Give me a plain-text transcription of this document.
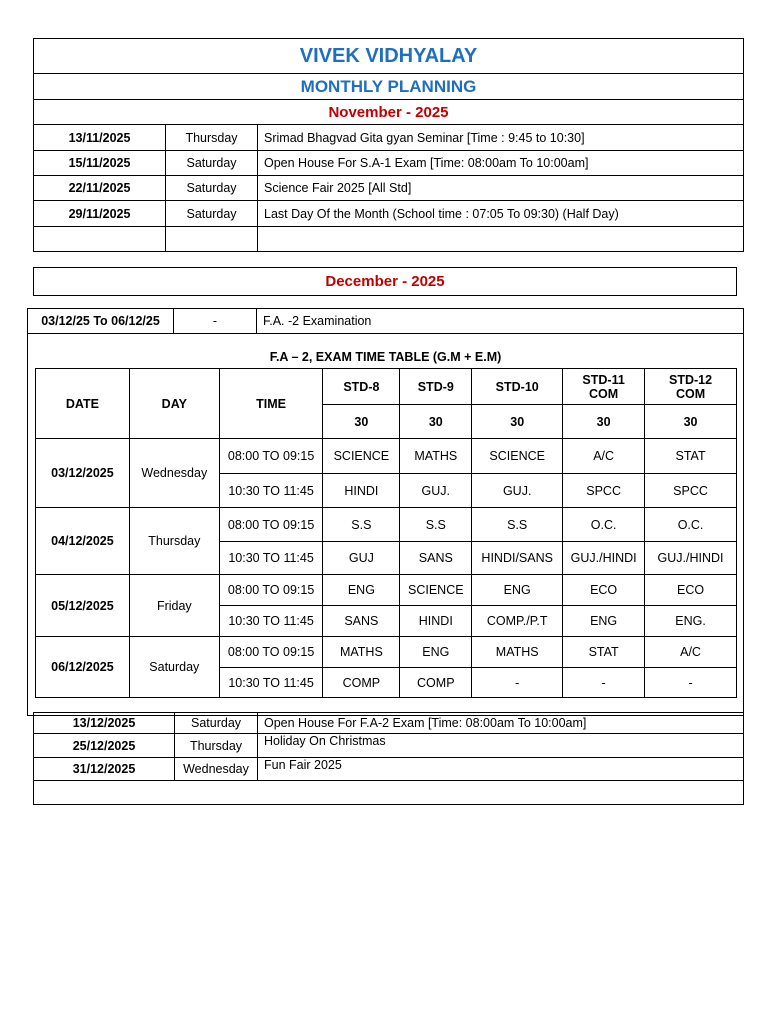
VIVEK VIDHYALAY
MONTHLY PLANNING
November - 2025
13/11/2025	Thursday	Srimad Bhagvad Gita gyan Seminar [Time : 9:45 to 10:30]
15/11/2025	Saturday	Open House For S.A-1 Exam [Time: 08:00am To 10:00am]
22/11/2025	Saturday	Science Fair 2025 [All Std]
29/11/2025	Saturday	Last Day Of the Month (School time : 07:05 To 09:30) (Half Day)

December - 2025
03/12/25 To 06/12/25	-	F.A. -2 Examination
F.A – 2, EXAM TIME TABLE (G.M + E.M)
DATE	DAY	TIME	STD-8	STD-9	STD-10	STD-11 COM	STD-12 COM
			30	30	30	30	30
03/12/2025	Wednesday	08:00 TO 09:15	SCIENCE	MATHS	SCIENCE	A/C	STAT
		10:30 TO 11:45	HINDI	GUJ.	GUJ.	SPCC	SPCC
04/12/2025	Thursday	08:00 TO 09:15	S.S	S.S	S.S	O.C.	O.C.
		10:30 TO 11:45	GUJ	SANS	HINDI/SANS	GUJ./HINDI	GUJ./HINDI
05/12/2025	Friday	08:00 TO 09:15	ENG	SCIENCE	ENG	ECO	ECO
		10:30 TO 11:45	SANS	HINDI	COMP./P.T	ENG	ENG.
06/12/2025	Saturday	08:00 TO 09:15	MATHS	ENG	MATHS	STAT	A/C
		10:30 TO 11:45	COMP	COMP	-	-	-
13/12/2025	Saturday	Open House For F.A-2 Exam [Time: 08:00am To 10:00am]
25/12/2025	Thursday	Holiday On Christmas
31/12/2025	Wednesday	Fun Fair 2025
